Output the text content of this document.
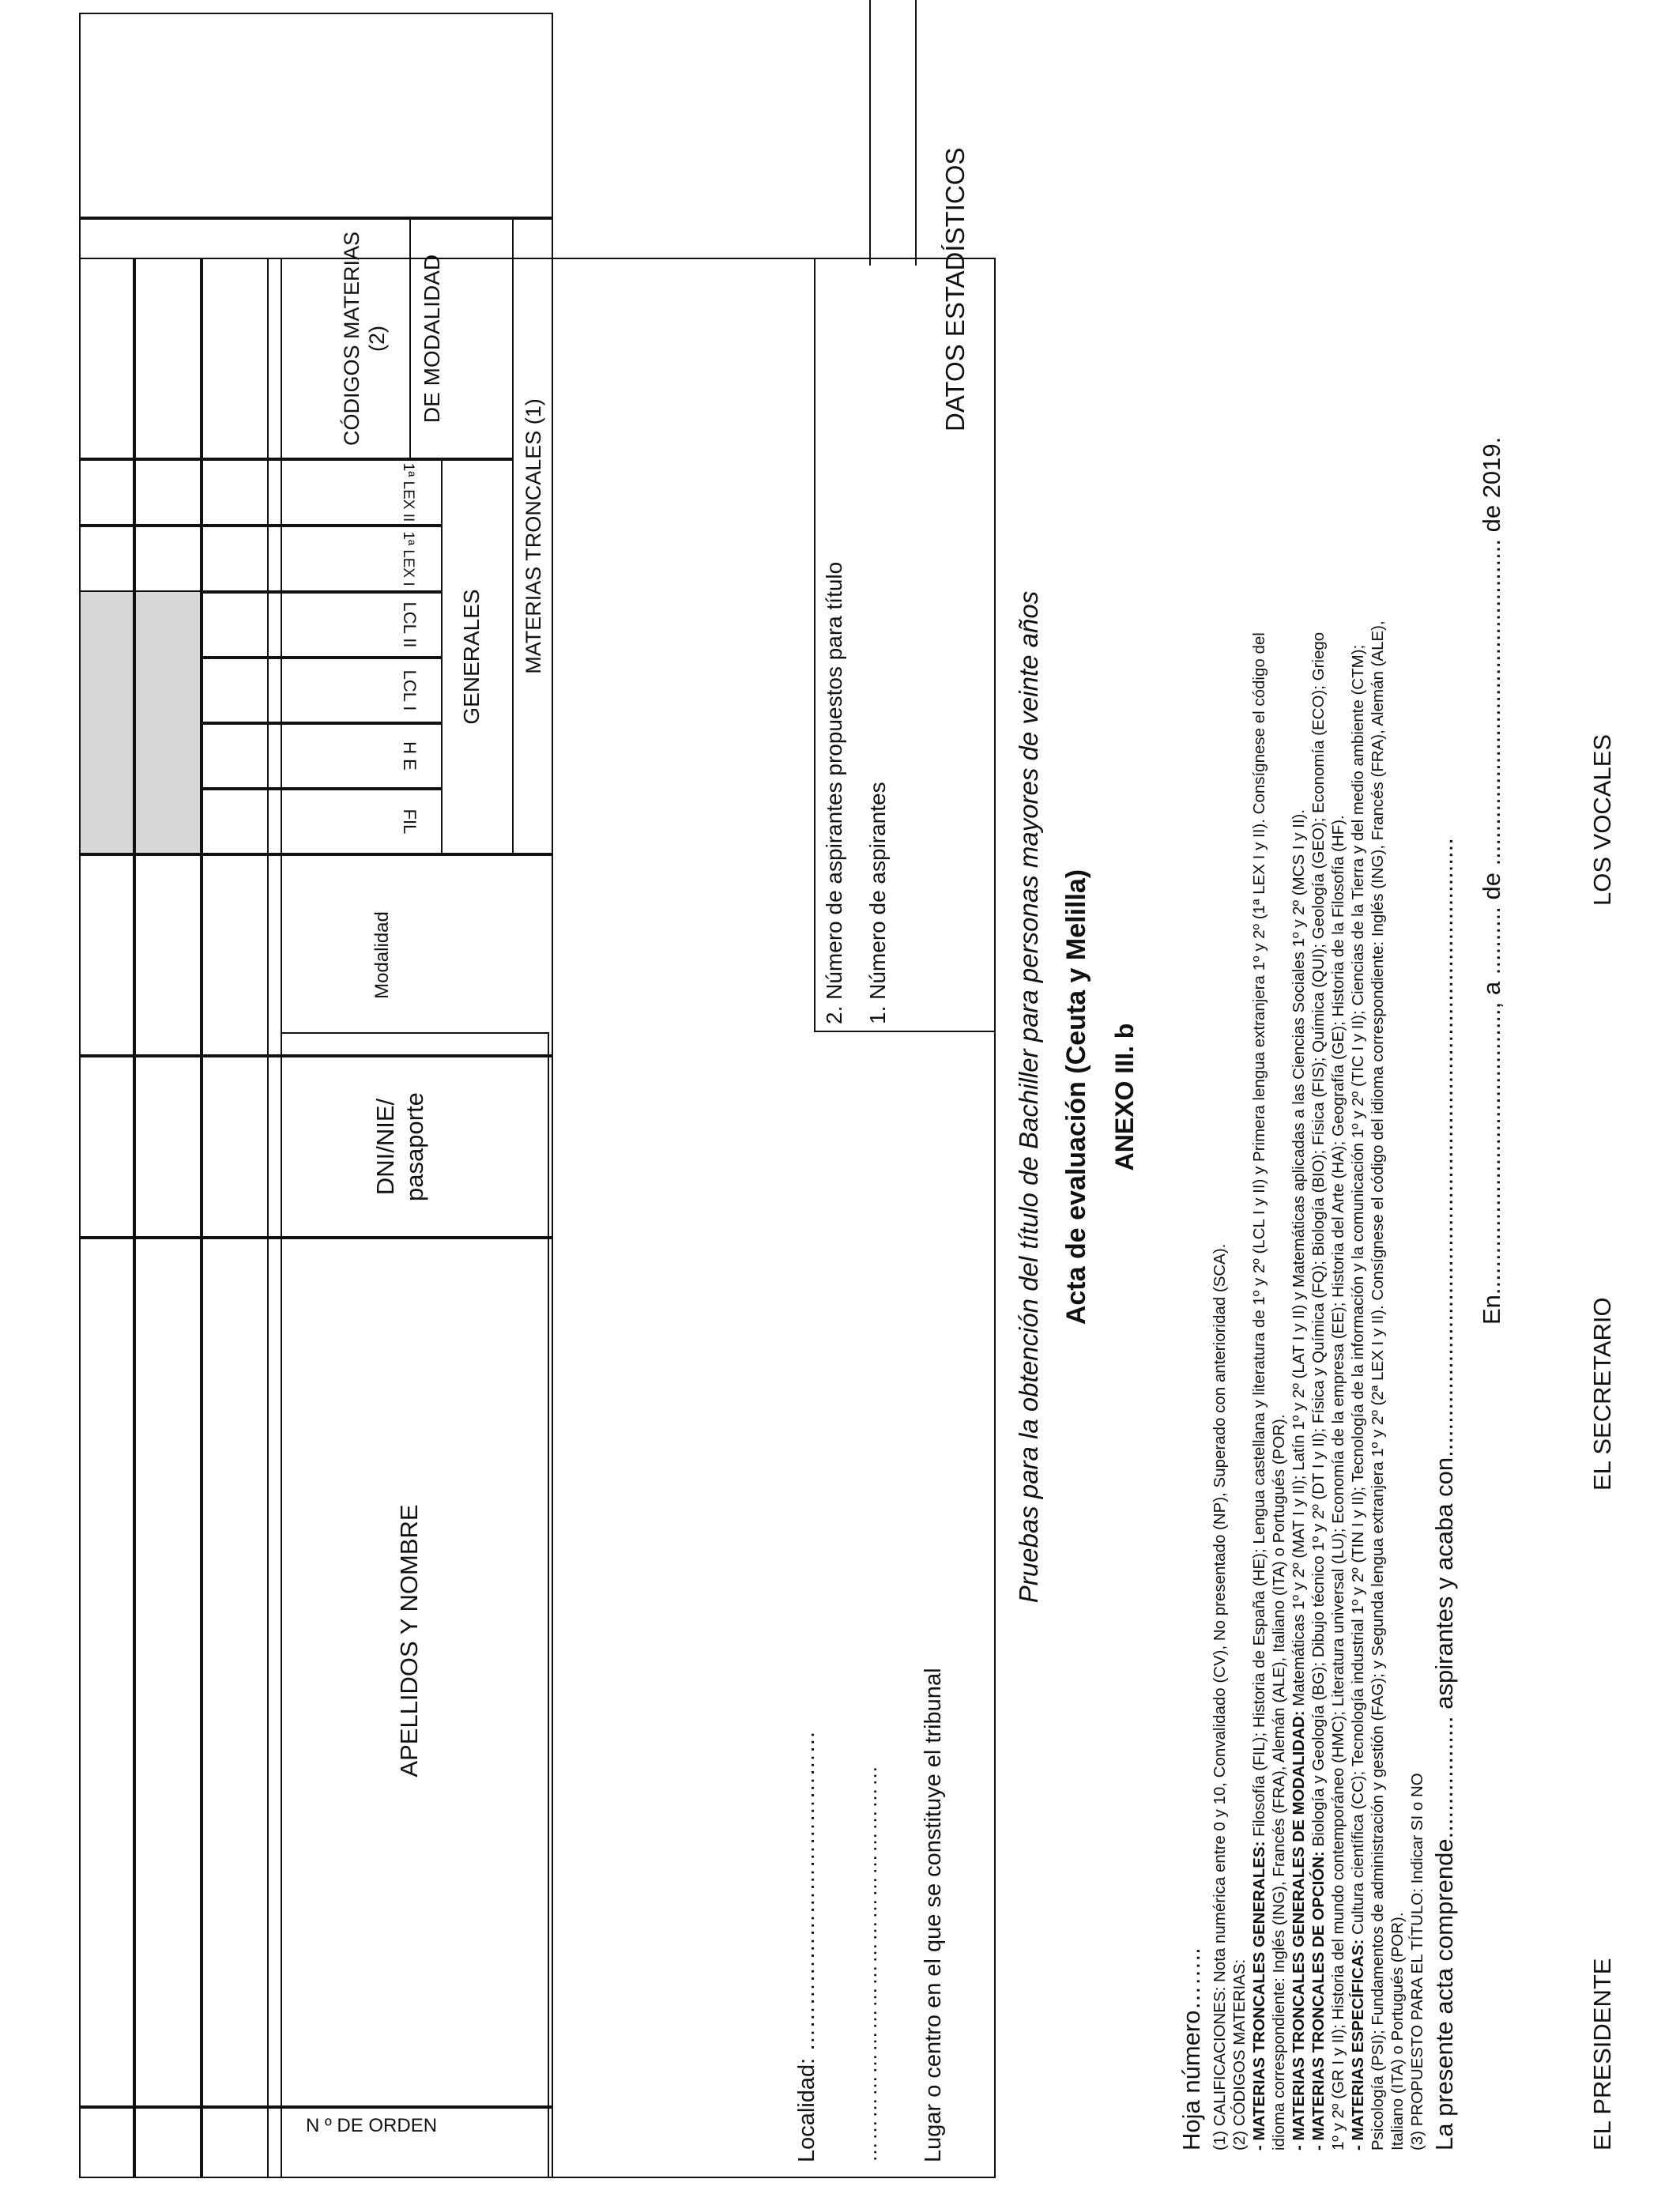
ANEXO III. b
Acta de evaluación (Ceuta y Melilla)
Pruebas para la obtención del título de Bachiller para personas mayores de veinte años
Lugar o centro en el que se constituye el tribunal
………………………………………………
Localidad: ……………………………………
DATOS ESTADÍSTICOS
1. Número de aspirantes
2. Número de aspirantes propuestos para título
N º DE ORDEN
APELLIDOS Y NOMBRE
DNI/NIE/ pasaporte
Modalidad
MATERIAS TRONCALES (1)
GENERALES
FIL
H E
LCL I
LCL II
1ª LEX I
1ª LEX II
DE MODALIDAD
CÓDIGOS MATERIAS (2)
Hoja número…….. (1) CALIFICACIONES: Nota numérica entre 0 y 10, Convalidado (CV), No presentado (NP), Superado con anterioridad (SCA). (2) CÓDIGOS MATERIAS: - MATERIAS TRONCALES GENERALES: Filosofía (FIL); Historia de España (HE); Lengua castellana y literatura de 1º y 2º (LCL I y II) y Primera lengua extranjera 1º y 2º (1ª LEX I y II). Consígnese el código del idioma correspondiente: Inglés (ING), Francés (FRA), Alemán (ALE), Italiano (ITA) o Portugués (POR). - MATERIAS TRONCALES GENERALES DE MODALIDAD: Matemáticas 1º y 2º (MAT I y II); Latín 1º y 2º (LAT I y II) y Matemáticas aplicadas a las Ciencias Sociales 1º y 2º (MCS I y II).
- MATERIAS TRONCALES DE OPCIÓN: Biología y Geología (BG); Dibujo técnico 1º y 2º (DT I y II); Física y Química (FQ); Biología (BIO); Física (FIS); Química (QUI); Geología (GEO); Economía (ECO); Griego 1º y 2º (GR I y II); Historia del mundo contemporáneo (HMC); Literatura universal (LU); Economía de la empresa (EE); Historia del Arte (HA); Geografía (GE); Historia de la Filosofía (HF). - MATERIAS ESPECÍFICAS: Cultura científica (CC); Tecnología industrial 1º y 2º (TIN I y II); Tecnología de la información y la comunicación 1º y 2º (TIC I y II); Ciencias de la Tierra y del medio ambiente (CTM); Psicología (PSI); Fundamentos de administración y gestión (FAG); y Segunda lengua extranjera 1º y 2º (2ª LEX I y II). Consígnese el código del idioma correspondiente: Inglés (ING), Francés (FRA), Alemán (ALE), Italiano (ITA) o Portugués (POR). (3) PROPUESTO PARA EL TÍTULO: Indicar SI o NO La presente acta comprende.................. aspirantes y acaba con........................................................................................... En.........................................., a .......... de ................................................ de 2019.
EL PRESIDENTE
EL SECRETARIO
LOS VOCALES
